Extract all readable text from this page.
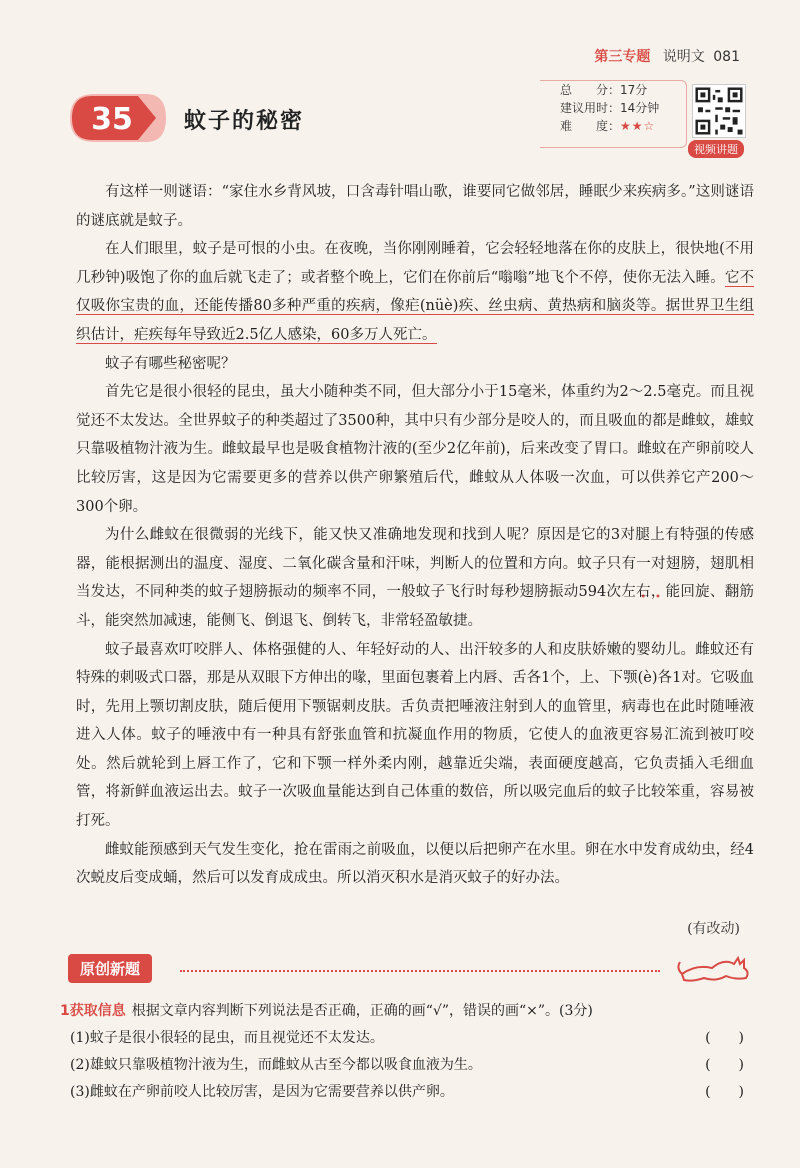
第三专题 说明文 081
35 蚊子的秘密
总　　分：17分
建议用时：14分钟
难　　度：★★☆
视频讲题

有这样一则谜语：“家住水乡背风坡，口含毒针唱山歌，谁要同它做邻居，睡眠少来疾病多。”这则谜语的谜底就是蚊子。

在人们眼里，蚊子是可恨的小虫。在夜晚，当你刚刚睡着，它会轻轻地落在你的皮肤上，很快地(不用几秒钟)吸饱了你的血后就飞走了；或者整个晚上，它们在你前后“嗡嗡”地飞个不停，使你无法入睡。它不仅吸你宝贵的血，还能传播80多种严重的疾病，像疟(nüè)疾、丝虫病、黄热病和脑炎等。据世界卫生组织估计，疟疾每年导致近2.5亿人感染，60多万人死亡。

蚊子有哪些秘密呢？

首先它是很小很轻的昆虫，虽大小随种类不同，但大部分小于15毫米，体重约为2～2.5毫克。而且视觉还不太发达。全世界蚊子的种类超过了3500种，其中只有少部分是咬人的，而且吸血的都是雌蚊，雄蚊只靠吸植物汁液为生。雌蚊最早也是吸食植物汁液的(至少2亿年前)，后来改变了胃口。雌蚊在产卵前咬人比较厉害，这是因为它需要更多的营养以供产卵繁殖后代，雌蚊从人体吸一次血，可以供养它产200～300个卵。

为什么雌蚊在很微弱的光线下，能又快又准确地发现和找到人呢？原因是它的3对腿上有特强的传感器，能根据测出的温度、湿度、二氧化碳含量和汗味，判断人的位置和方向。蚊子只有一对翅膀，翅肌相当发达，不同种类的蚊子翅膀振动的频率不同，一般蚊子飞行时每秒翅膀振动594次左右，能回旋、翻筋斗，能突然加减速，能侧飞、倒退飞、倒转飞，非常轻盈敏捷。

蚊子最喜欢叮咬胖人、体格强健的人、年轻好动的人、出汗较多的人和皮肤娇嫩的婴幼儿。雌蚊还有特殊的刺吸式口器，那是从双眼下方伸出的喙，里面包裹着上内唇、舌各1个，上、下颚(è)各1对。它吸血时，先用上颚切割皮肤，随后便用下颚锯刺皮肤。舌负责把唾液注射到人的血管里，病毒也在此时随唾液进入人体。蚊子的唾液中有一种具有舒张血管和抗凝血作用的物质，它使人的血液更容易汇流到被叮咬处。然后就轮到上唇工作了，它和下颚一样外柔内刚，越靠近尖端，表面硬度越高，它负责插入毛细血管，将新鲜血液运出去。蚊子一次吸血量能达到自己体重的数倍，所以吸完血后的蚊子比较笨重，容易被打死。

雌蚊能预感到天气发生变化，抢在雷雨之前吸血，以便以后把卵产在水里。卵在水中发育成幼虫，经4次蜕皮后变成蛹，然后可以发育成成虫。所以消灭积水是消灭蚊子的好办法。

(有改动)
原创新题
1获取信息 根据文章内容判断下列说法是否正确，正确的画“√”，错误的画“×”。(3分)
(1)蚊子是很小很轻的昆虫，而且视觉还不太发达。	(　　)
(2)雄蚊只靠吸植物汁液为生，而雌蚊从古至今都以吸食血液为生。	(　　)
(3)雌蚊在产卵前咬人比较厉害，是因为它需要营养以供产卵。	(　　)
